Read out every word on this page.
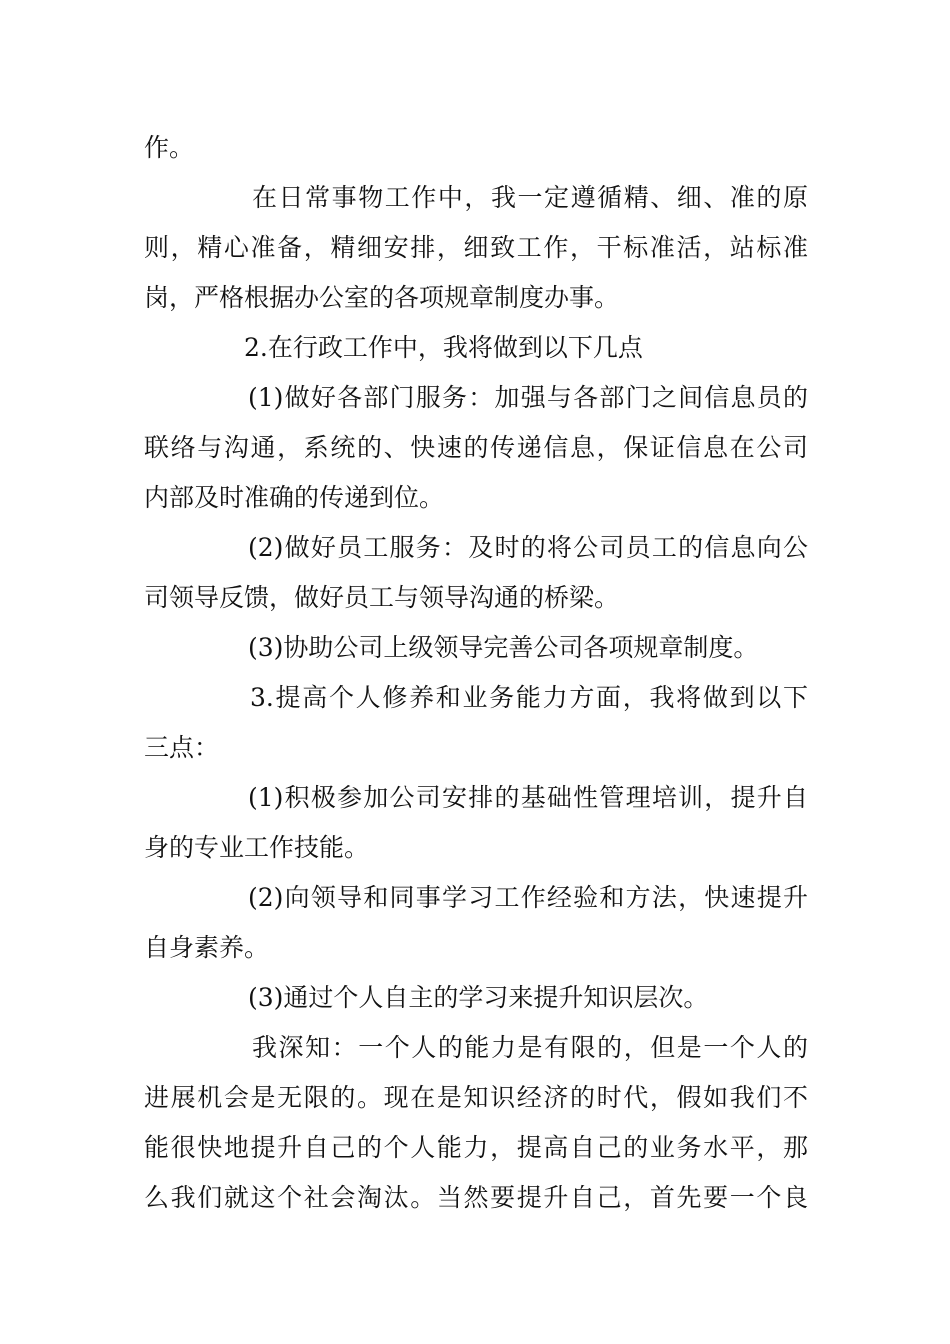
作。
在日常事物工作中，我一定遵循精、细、准的原
则，精心准备，精细安排，细致工作，干标准活，站标准
岗，严格根据办公室的各项规章制度办事。
2.在行政工作中，我将做到以下几点
(1)做好各部门服务：加强与各部门之间信息员的
联络与沟通，系统的、快速的传递信息，保证信息在公司
内部及时准确的传递到位。
(2)做好员工服务：及时的将公司员工的信息向公
司领导反馈，做好员工与领导沟通的桥梁。
(3)协助公司上级领导完善公司各项规章制度。
3.提高个人修养和业务能力方面，我将做到以下
三点：
(1)积极参加公司安排的基础性管理培训，提升自
身的专业工作技能。
(2)向领导和同事学习工作经验和方法，快速提升
自身素养。
(3)通过个人自主的学习来提升知识层次。
我深知：一个人的能力是有限的，但是一个人的
进展机会是无限的。现在是知识经济的时代，假如我们不
能很快地提升自己的个人能力，提高自己的业务水平，那
么我们就这个社会淘汰。当然要提升自己，首先要一个良
